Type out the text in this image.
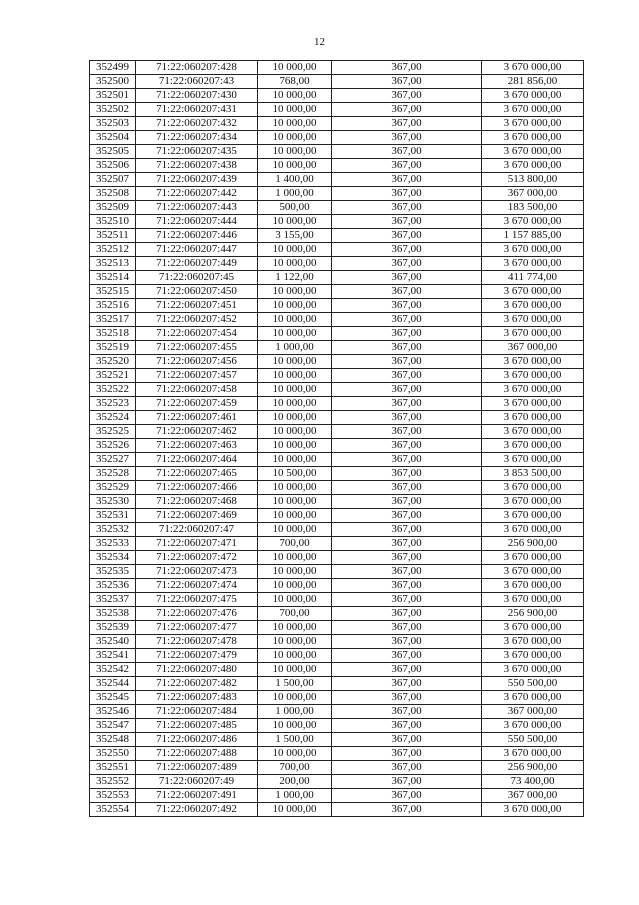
12
352499	71:22:060207:428	10 000,00	367,00	3 670 000,00
352500	71:22:060207:43	768,00	367,00	281 856,00
352501	71:22:060207:430	10 000,00	367,00	3 670 000,00
352502	71:22:060207:431	10 000,00	367,00	3 670 000,00
352503	71:22:060207:432	10 000,00	367,00	3 670 000,00
352504	71:22:060207:434	10 000,00	367,00	3 670 000,00
352505	71:22:060207:435	10 000,00	367,00	3 670 000,00
352506	71:22:060207:438	10 000,00	367,00	3 670 000,00
352507	71:22:060207:439	1 400,00	367,00	513 800,00
352508	71:22:060207:442	1 000,00	367,00	367 000,00
352509	71:22:060207:443	500,00	367,00	183 500,00
352510	71:22:060207:444	10 000,00	367,00	3 670 000,00
352511	71:22:060207:446	3 155,00	367,00	1 157 885,00
352512	71:22:060207:447	10 000,00	367,00	3 670 000,00
352513	71:22:060207:449	10 000,00	367,00	3 670 000,00
352514	71:22:060207:45	1 122,00	367,00	411 774,00
352515	71:22:060207:450	10 000,00	367,00	3 670 000,00
352516	71:22:060207:451	10 000,00	367,00	3 670 000,00
352517	71:22:060207:452	10 000,00	367,00	3 670 000,00
352518	71:22:060207:454	10 000,00	367,00	3 670 000,00
352519	71:22:060207:455	1 000,00	367,00	367 000,00
352520	71:22:060207:456	10 000,00	367,00	3 670 000,00
352521	71:22:060207:457	10 000,00	367,00	3 670 000,00
352522	71:22:060207:458	10 000,00	367,00	3 670 000,00
352523	71:22:060207:459	10 000,00	367,00	3 670 000,00
352524	71:22:060207:461	10 000,00	367,00	3 670 000,00
352525	71:22:060207:462	10 000,00	367,00	3 670 000,00
352526	71:22:060207:463	10 000,00	367,00	3 670 000,00
352527	71:22:060207:464	10 000,00	367,00	3 670 000,00
352528	71:22:060207:465	10 500,00	367,00	3 853 500,00
352529	71:22:060207:466	10 000,00	367,00	3 670 000,00
352530	71:22:060207:468	10 000,00	367,00	3 670 000,00
352531	71:22:060207:469	10 000,00	367,00	3 670 000,00
352532	71:22:060207:47	10 000,00	367,00	3 670 000,00
352533	71:22:060207:471	700,00	367,00	256 900,00
352534	71:22:060207:472	10 000,00	367,00	3 670 000,00
352535	71:22:060207:473	10 000,00	367,00	3 670 000,00
352536	71:22:060207:474	10 000,00	367,00	3 670 000,00
352537	71:22:060207:475	10 000,00	367,00	3 670 000,00
352538	71:22:060207:476	700,00	367,00	256 900,00
352539	71:22:060207:477	10 000,00	367,00	3 670 000,00
352540	71:22:060207:478	10 000,00	367,00	3 670 000,00
352541	71:22:060207:479	10 000,00	367,00	3 670 000,00
352542	71:22:060207:480	10 000,00	367,00	3 670 000,00
352544	71:22:060207:482	1 500,00	367,00	550 500,00
352545	71:22:060207:483	10 000,00	367,00	3 670 000,00
352546	71:22:060207:484	1 000,00	367,00	367 000,00
352547	71:22:060207:485	10 000,00	367,00	3 670 000,00
352548	71:22:060207:486	1 500,00	367,00	550 500,00
352550	71:22:060207:488	10 000,00	367,00	3 670 000,00
352551	71:22:060207:489	700,00	367,00	256 900,00
352552	71:22:060207:49	200,00	367,00	73 400,00
352553	71:22:060207:491	1 000,00	367,00	367 000,00
352554	71:22:060207:492	10 000,00	367,00	3 670 000,00
